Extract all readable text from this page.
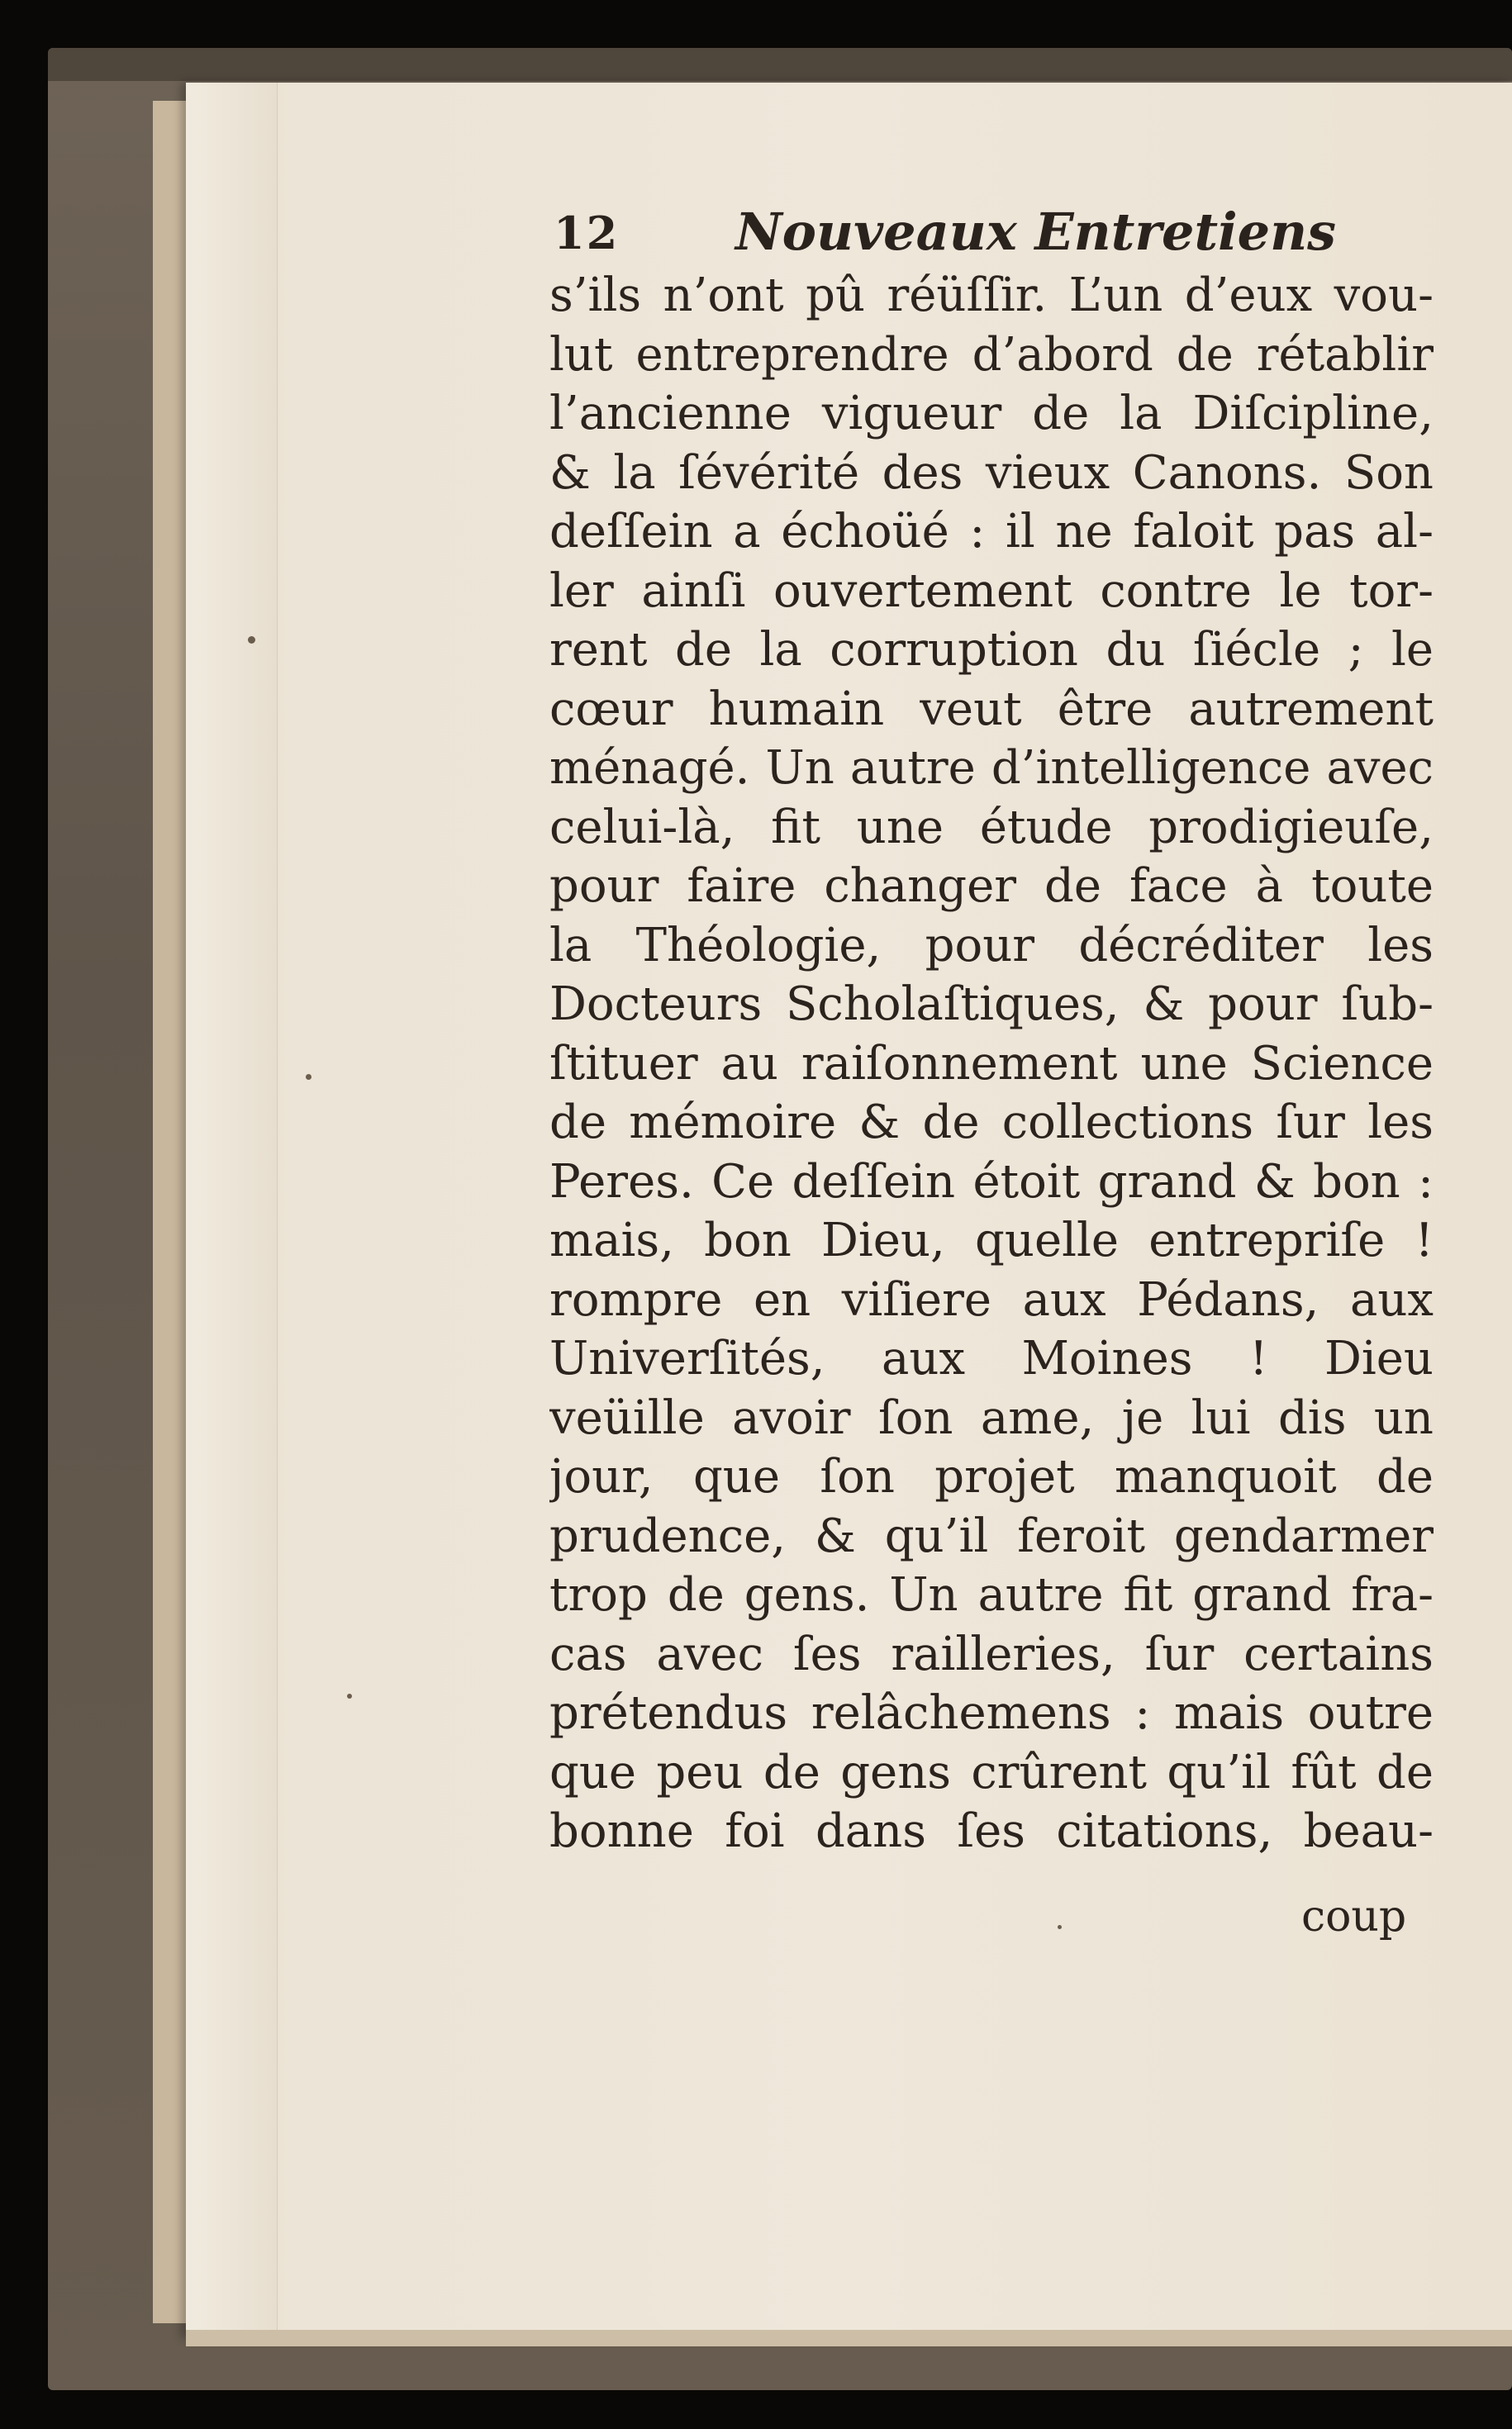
12 Nouveaux Entretiens
s’ils n’ont pû réüſſir. L’un d’eux vou-
lut entreprendre d’abord de rétablir
l’ancienne vigueur de la Diſcipline,
& la ſévérité des vieux Canons. Son
deſſein a échoüé : il ne faloit pas al-
ler ainſi ouvertement contre le tor-
rent de la corruption du ſiécle ; le
cœur humain veut être autrement
ménagé. Un autre d’intelligence avec
celui-là, fit une étude prodigieuſe,
pour faire changer de face à toute
la Théologie, pour décréditer les
Docteurs Scholaſtiques, & pour ſub-
ſtituer au raiſonnement une Science
de mémoire & de collections ſur les
Peres. Ce deſſein étoit grand & bon :
mais, bon Dieu, quelle entrepriſe !
rompre en viſiere aux Pédans, aux
Univerſités, aux Moines ! Dieu
veüille avoir ſon ame, je lui dis un
jour, que ſon projet manquoit de
prudence, & qu’il feroit gendarmer
trop de gens. Un autre fit grand fra-
cas avec ſes railleries, ſur certains
prétendus relâchemens : mais outre
que peu de gens crûrent qu’il fût de
bonne foi dans ſes citations, beau-
coup
